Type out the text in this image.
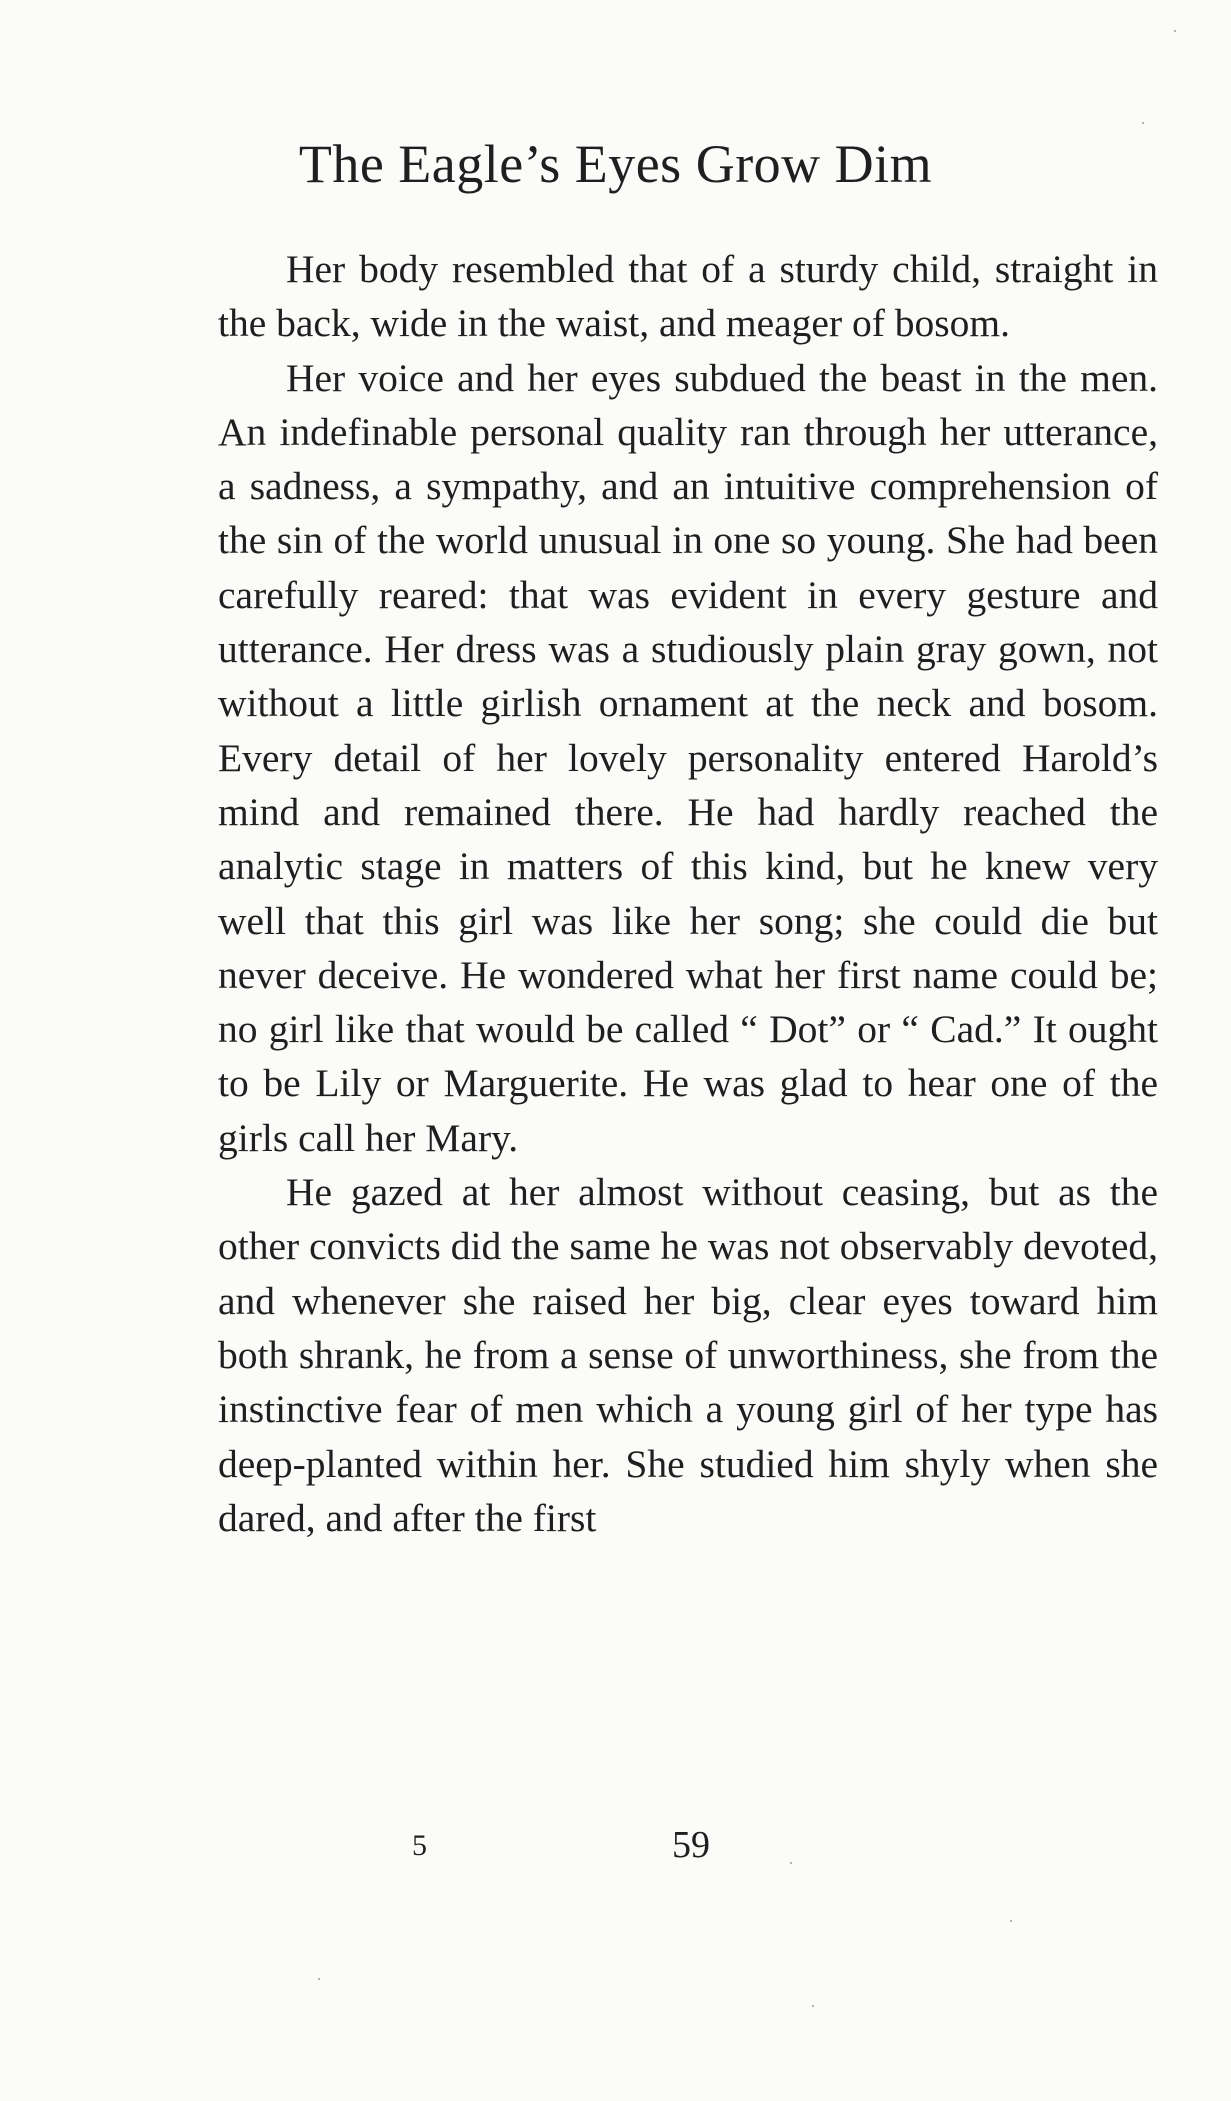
The Eagle’s Eyes Grow Dim

Her body resembled that of a sturdy child, straight in the back, wide in the waist, and meager of bosom.

Her voice and her eyes subdued the beast in the men. An indefinable personal quality ran through her utterance, a sadness, a sympathy, and an intuitive comprehension of the sin of the world unusual in one so young. She had been carefully reared: that was evident in every gesture and utterance. Her dress was a studiously plain gray gown, not without a little girlish ornament at the neck and bosom. Every detail of her lovely personality entered Harold’s mind and remained there. He had hardly reached the analytic stage in matters of this kind, but he knew very well that this girl was like her song; she could die but never deceive. He wondered what her first name could be; no girl like that would be called “ Dot” or “ Cad.” It ought to be Lily or Marguerite. He was glad to hear one of the girls call her Mary.

He gazed at her almost without ceasing, but as the other convicts did the same he was not observably devoted, and whenever she raised her big, clear eyes toward him both shrank, he from a sense of unworthiness, she from the instinctive fear of men which a young girl of her type has deep-planted within her. She studied him shyly when she dared, and after the first

5	59
